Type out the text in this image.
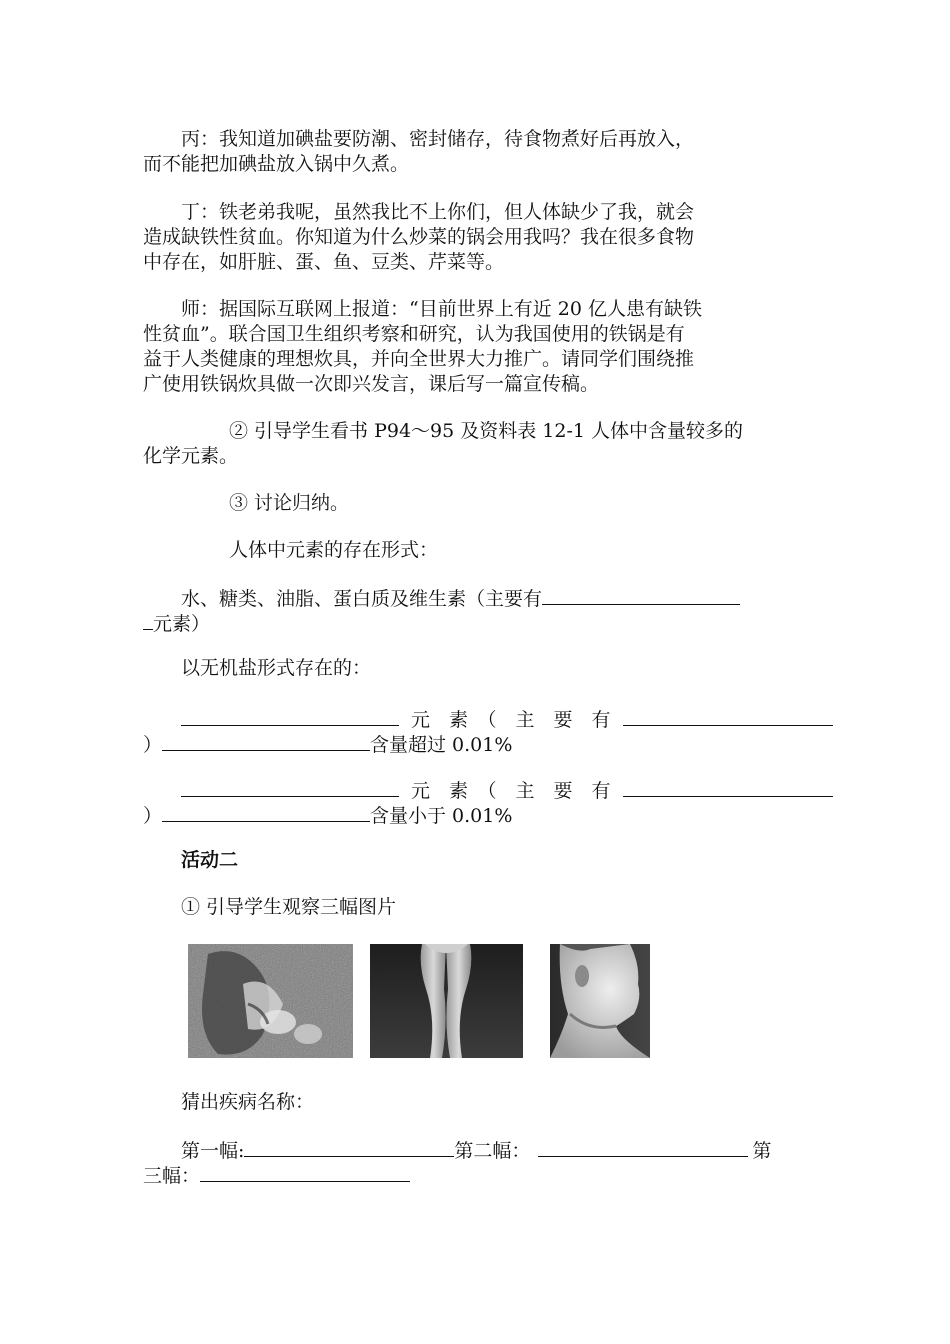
丙：我知道加碘盐要防潮、密封储存，待食物煮好后再放入，
而不能把加碘盐放入锅中久煮。
丁：铁老弟我呢，虽然我比不上你们，但人体缺少了我，就会
造成缺铁性贫血。你知道为什么炒菜的锅会用我吗？我在很多食物
中存在，如肝脏、蛋、鱼、豆类、芹菜等。
师：据国际互联网上报道：“目前世界上有近 20 亿人患有缺铁
性贫血”。联合国卫生组织考察和研究，认为我国使用的铁锅是有
益于人类健康的理想炊具，并向全世界大力推广。请同学们围绕推
广使用铁锅炊具做一次即兴发言，课后写一篇宣传稿。
② 引导学生看书 P94～95 及资料表 12-1 人体中含量较多的
化学元素。
③ 讨论归纳。
人体中元素的存在形式：
水、糖类、油脂、蛋白质及维生素（主要有
元素）
以无机盐形式存在的：
元　素　（　主　要　有
）	含量超过 0.01%
元　素　（　主　要　有
）	含量小于 0.01%
活动二
① 引导学生观察三幅图片
猜出疾病名称：
第一幅:	第二幅：	第
三幅：
